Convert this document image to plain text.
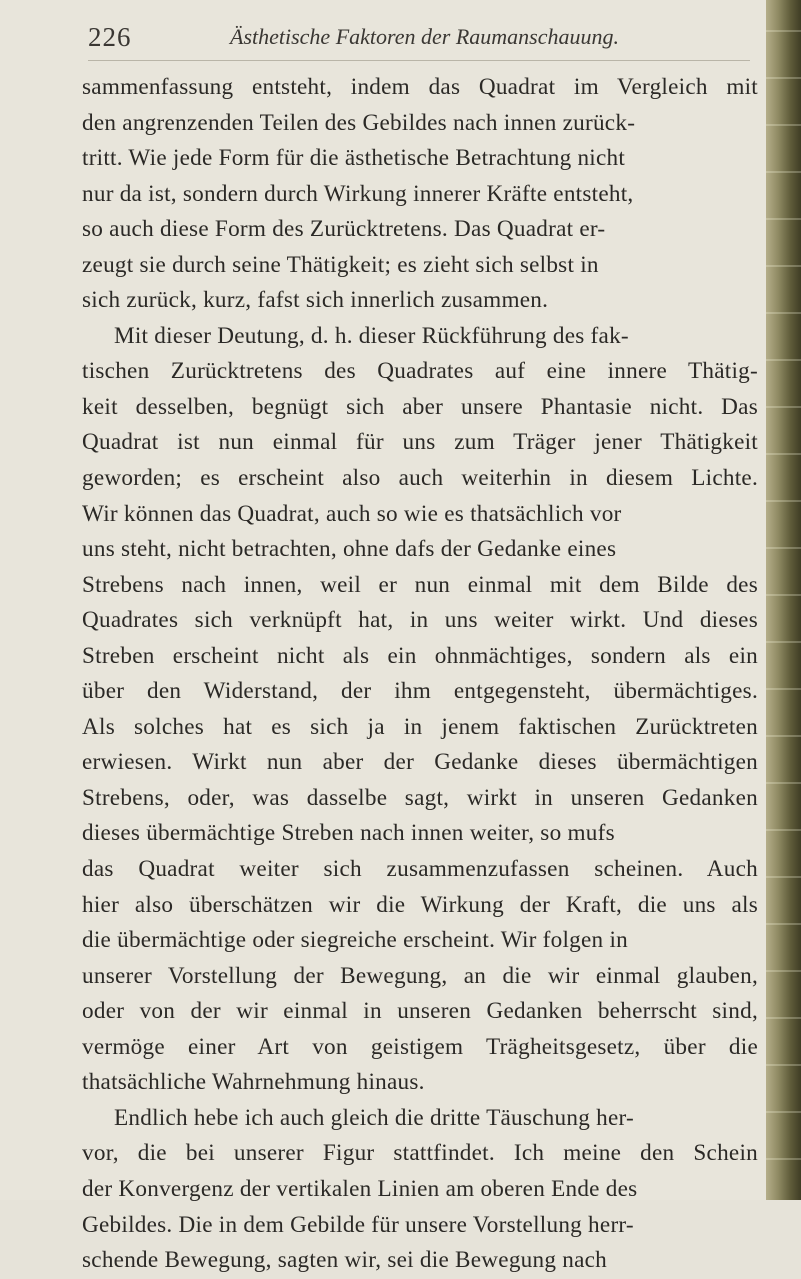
226	Ästhetische Faktoren der Raumanschauung.
sammenfassung entsteht, indem das Quadrat im Vergleich mit
den angrenzenden Teilen des Gebildes nach innen zurück-
tritt. Wie jede Form für die ästhetische Betrachtung nicht
nur da ist, sondern durch Wirkung innerer Kräfte entsteht,
so auch diese Form des Zurücktretens. Das Quadrat er-
zeugt sie durch seine Thätigkeit; es zieht sich selbst in
sich zurück, kurz, fafst sich innerlich zusammen.
Mit dieser Deutung, d. h. dieser Rückführung des fak-
tischen Zurücktretens des Quadrates auf eine innere Thätig-
keit desselben, begnügt sich aber unsere Phantasie nicht. Das
Quadrat ist nun einmal für uns zum Träger jener Thätigkeit
geworden; es erscheint also auch weiterhin in diesem Lichte.
Wir können das Quadrat, auch so wie es thatsächlich vor
uns steht, nicht betrachten, ohne dafs der Gedanke eines
Strebens nach innen, weil er nun einmal mit dem Bilde des
Quadrates sich verknüpft hat, in uns weiter wirkt. Und dieses
Streben erscheint nicht als ein ohnmächtiges, sondern als ein
über den Widerstand, der ihm entgegensteht, übermächtiges.
Als solches hat es sich ja in jenem faktischen Zurücktreten
erwiesen. Wirkt nun aber der Gedanke dieses übermächtigen
Strebens, oder, was dasselbe sagt, wirkt in unseren Gedanken
dieses übermächtige Streben nach innen weiter, so mufs
das Quadrat weiter sich zusammenzufassen scheinen. Auch
hier also überschätzen wir die Wirkung der Kraft, die uns als
die übermächtige oder siegreiche erscheint. Wir folgen in
unserer Vorstellung der Bewegung, an die wir einmal glauben,
oder von der wir einmal in unseren Gedanken beherrscht sind,
vermöge einer Art von geistigem Trägheitsgesetz, über die
thatsächliche Wahrnehmung hinaus.
Endlich hebe ich auch gleich die dritte Täuschung her-
vor, die bei unserer Figur stattfindet. Ich meine den Schein
der Konvergenz der vertikalen Linien am oberen Ende des
Gebildes. Die in dem Gebilde für unsere Vorstellung herr-
schende Bewegung, sagten wir, sei die Bewegung nach
